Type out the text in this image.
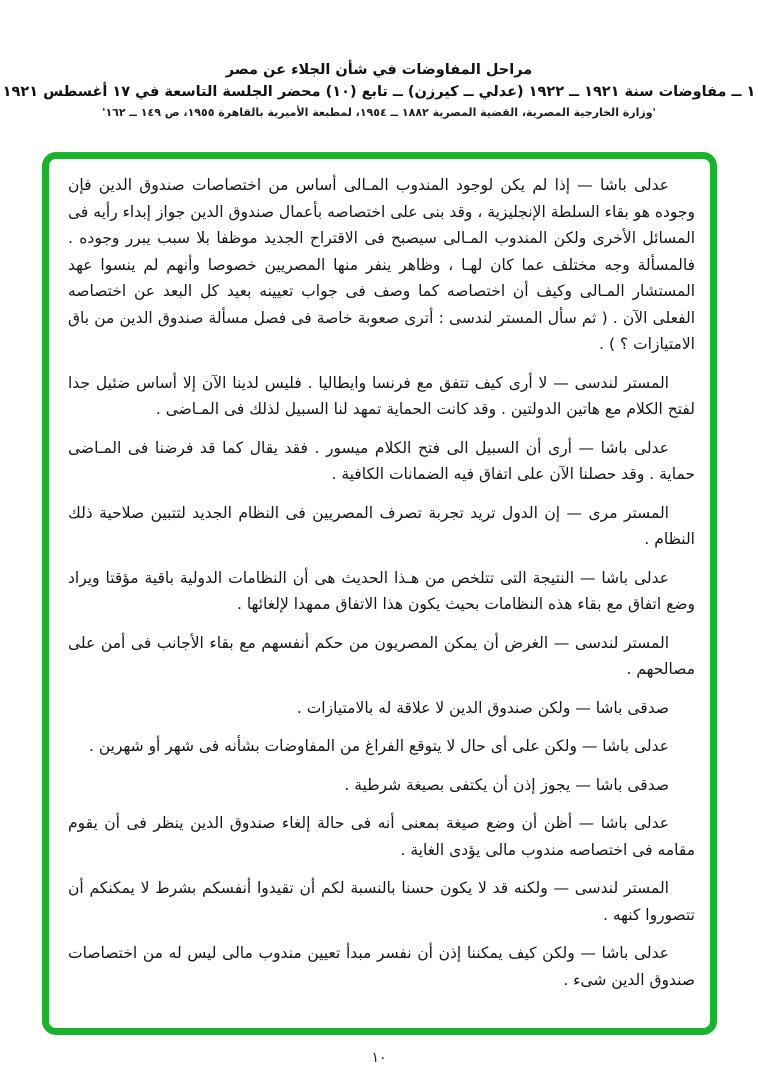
مراحل المفاوضات في شأن الجلاء عن مصر
١ ــ مفاوضات سنة ١٩٢١ ــ ١٩٢٢ (عدلي ــ كيرزن) ــ تابع (١٠) محضر الجلسة التاسعة في ١٧ أغسطس ١٩٢١
'وزارة الخارجية المصرية، القضية المصرية ١٨٨٢ ــ ١٩٥٤، لمطبعة الأميرية بالقاهرة ١٩٥٥، ص ١٤٩ ــ ١٦٢'

عدلى باشا — إذا لم يكن لوجود المندوب المـالى أساس من اختصاصات صندوق الدين فإن وجوده هو بقاء السلطة الإنجليزية ، وقد بنى على اختصاصه بأعمال صندوق الدين جواز إبداء رأيه فى المسائل الأخرى ولكن المندوب المـالى سيصبح فى الاقتراح الجديد موظفا بلا سبب يبرر وجوده . فالمسألة وجه مختلف عما كان لهـا ، وظاهر ينفر منها المصريين خصوصا وأنهم لم ينسوا عهد المستشار المـالى وكيف أن اختصاصه كما وصف فى جواب تعيينه بعيد كل البعد عن اختصاصه الفعلى الآن . ( ثم سأل المستر لندسى : أترى صعوبة خاصة فى فصل مسألة صندوق الدين من باق الامتيازات ؟ ) .

المستر لندسى — لا أرى كيف تتفق مع فرنسا وايطاليا . فليس لدينا الآن إلا أساس ضئيل جدا لفتح الكلام مع هاتين الدولتين . وقد كانت الحماية تمهد لنا السبيل لذلك فى المـاضى .

عدلى باشا — أرى أن السبيل الى فتح الكلام ميسور . فقد يقال كما قد فرضنا فى المـاضى حماية . وقد حصلنا الآن على اتفاق فيه الضمانات الكافية .

المستر مرى — إن الدول تريد تجربة تصرف المصريين فى النظام الجديد لتتبين صلاحية ذلك النظام .

عدلى باشا — النتيجة التى تتلخص من هـذا الحديث هى أن النظامات الدولية باقية مؤقتا ويراد وضع اتفاق مع بقاء هذه النظامات بحيث يكون هذا الاتفاق ممهدا لإلغائها .

المستر لندسى — الغرض أن يمكن المصريون من حكم أنفسهم مع بقاء الأجانب فى أمن على مصالحهم .

صدقى باشا — ولكن صندوق الدين لا علاقة له بالامتيازات .

عدلى باشا — ولكن على أى حال لا يتوقع الفراغ من المفاوضات بشأنه فى شهر أو شهرين .

صدقى باشا — يجوز إذن أن يكتفى بصيغة شرطية .

عدلى باشا — أظن أن وضع صيغة بمعنى أنه فى حالة إلغاء صندوق الدين ينظر فى أن يقوم مقامه فى اختصاصه مندوب مالى يؤدى الغاية .

المستر لندسى — ولكنه قد لا يكون حسنا بالنسبة لكم أن تقيدوا أنفسكم بشرط لا يمكنكم أن تتصوروا كنهه .

عدلى باشا — ولكن كيف يمكننا إذن أن نفسر مبدأ تعيين مندوب مالى ليس له من اختصاصات صندوق الدين شىء .

١٠
